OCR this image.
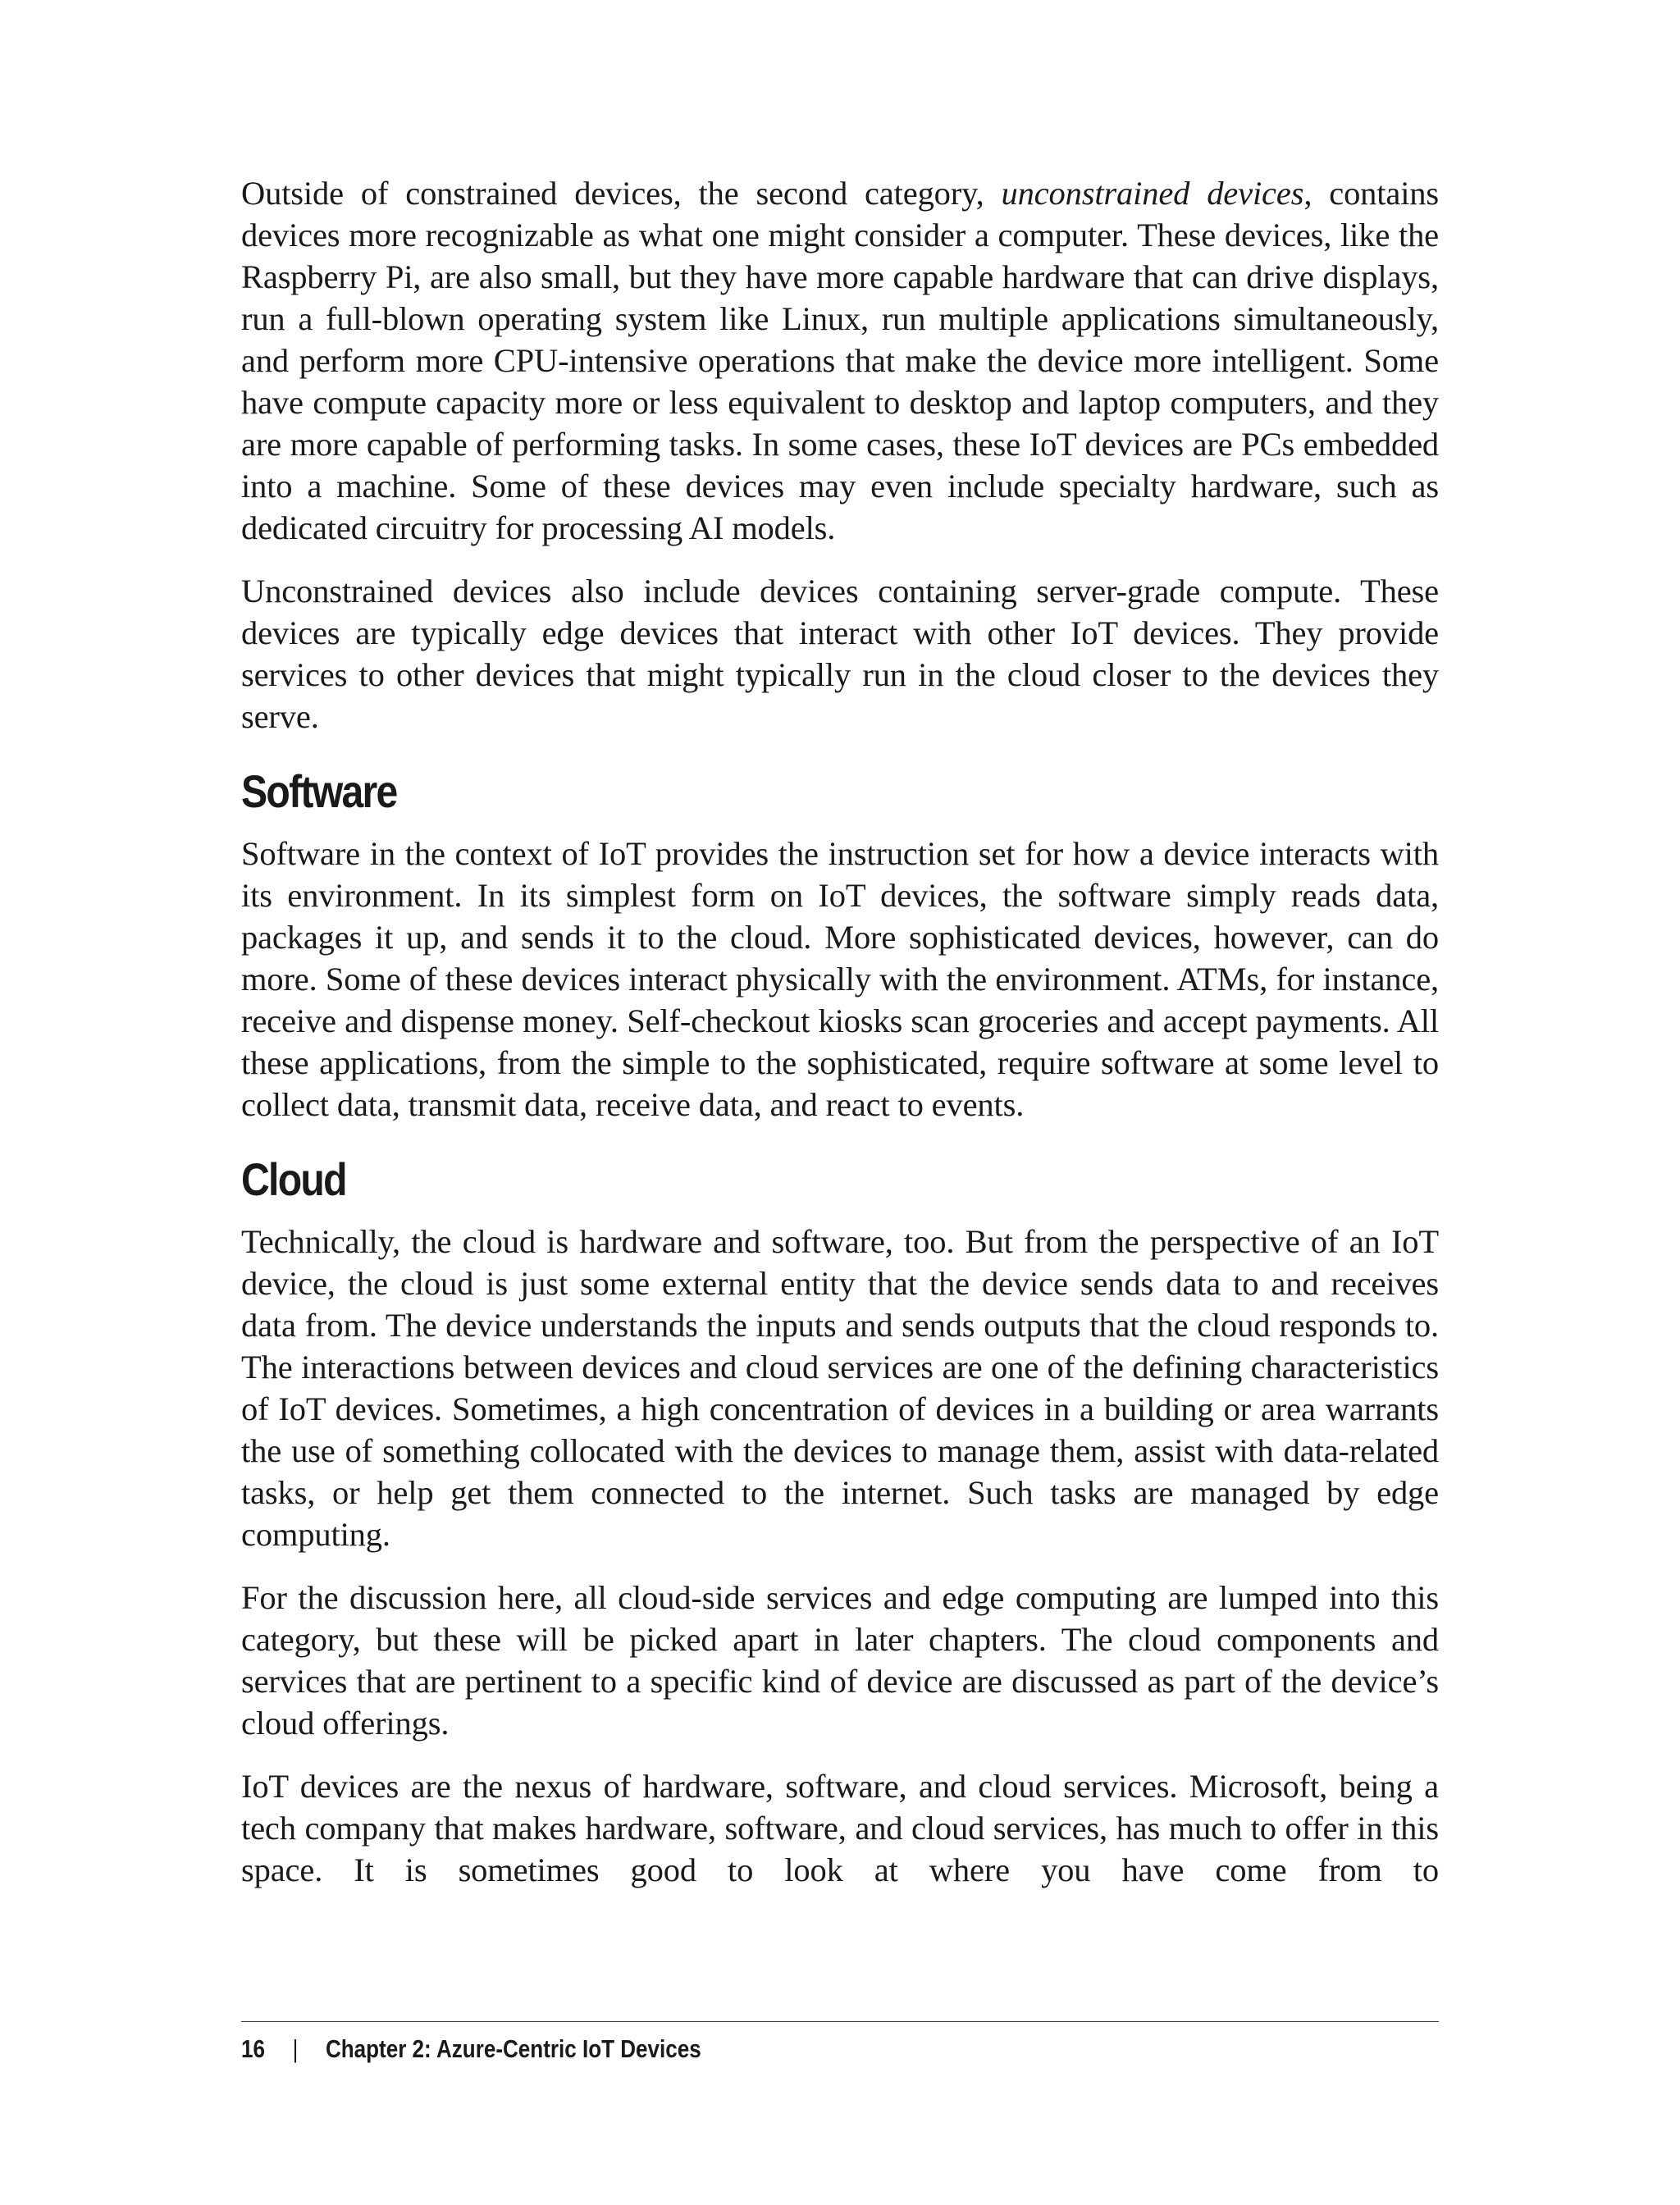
Outside of constrained devices, the second category, unconstrained devices, contains devices more recognizable as what one might consider a computer. These devices, like the Raspberry Pi, are also small, but they have more capable hardware that can drive displays, run a full-blown operating system like Linux, run multiple applications simultaneously, and perform more CPU-intensive operations that make the device more intelligent. Some have compute capacity more or less equivalent to desktop and laptop computers, and they are more capable of performing tasks. In some cases, these IoT devices are PCs embedded into a machine. Some of these devices may even include specialty hardware, such as dedicated circuitry for processing AI models.

Unconstrained devices also include devices containing server-grade compute. These devices are typically edge devices that interact with other IoT devices. They provide services to other devices that might typically run in the cloud closer to the devices they serve.

Software

Software in the context of IoT provides the instruction set for how a device interacts with its environment. In its simplest form on IoT devices, the software simply reads data, packages it up, and sends it to the cloud. More sophisticated devices, however, can do more. Some of these devices interact physically with the environment. ATMs, for instance, receive and dispense money. Self-checkout kiosks scan groceries and accept payments. All these applications, from the simple to the sophisticated, require software at some level to collect data, transmit data, receive data, and react to events.

Cloud

Technically, the cloud is hardware and software, too. But from the perspective of an IoT device, the cloud is just some external entity that the device sends data to and receives data from. The device understands the inputs and sends outputs that the cloud responds to. The interactions between devices and cloud services are one of the defining characteristics of IoT devices. Sometimes, a high concentration of devices in a building or area warrants the use of something collocated with the devices to manage them, assist with data-related tasks, or help get them connected to the internet. Such tasks are managed by edge computing.

For the discussion here, all cloud-side services and edge computing are lumped into this category, but these will be picked apart in later chapters. The cloud components and services that are pertinent to a specific kind of device are discussed as part of the device’s cloud offerings.

IoT devices are the nexus of hardware, software, and cloud services. Microsoft, being a tech company that makes hardware, software, and cloud services, has much to offer in this space. It is sometimes good to look at where you have come from to

16 | Chapter 2: Azure-Centric IoT Devices
